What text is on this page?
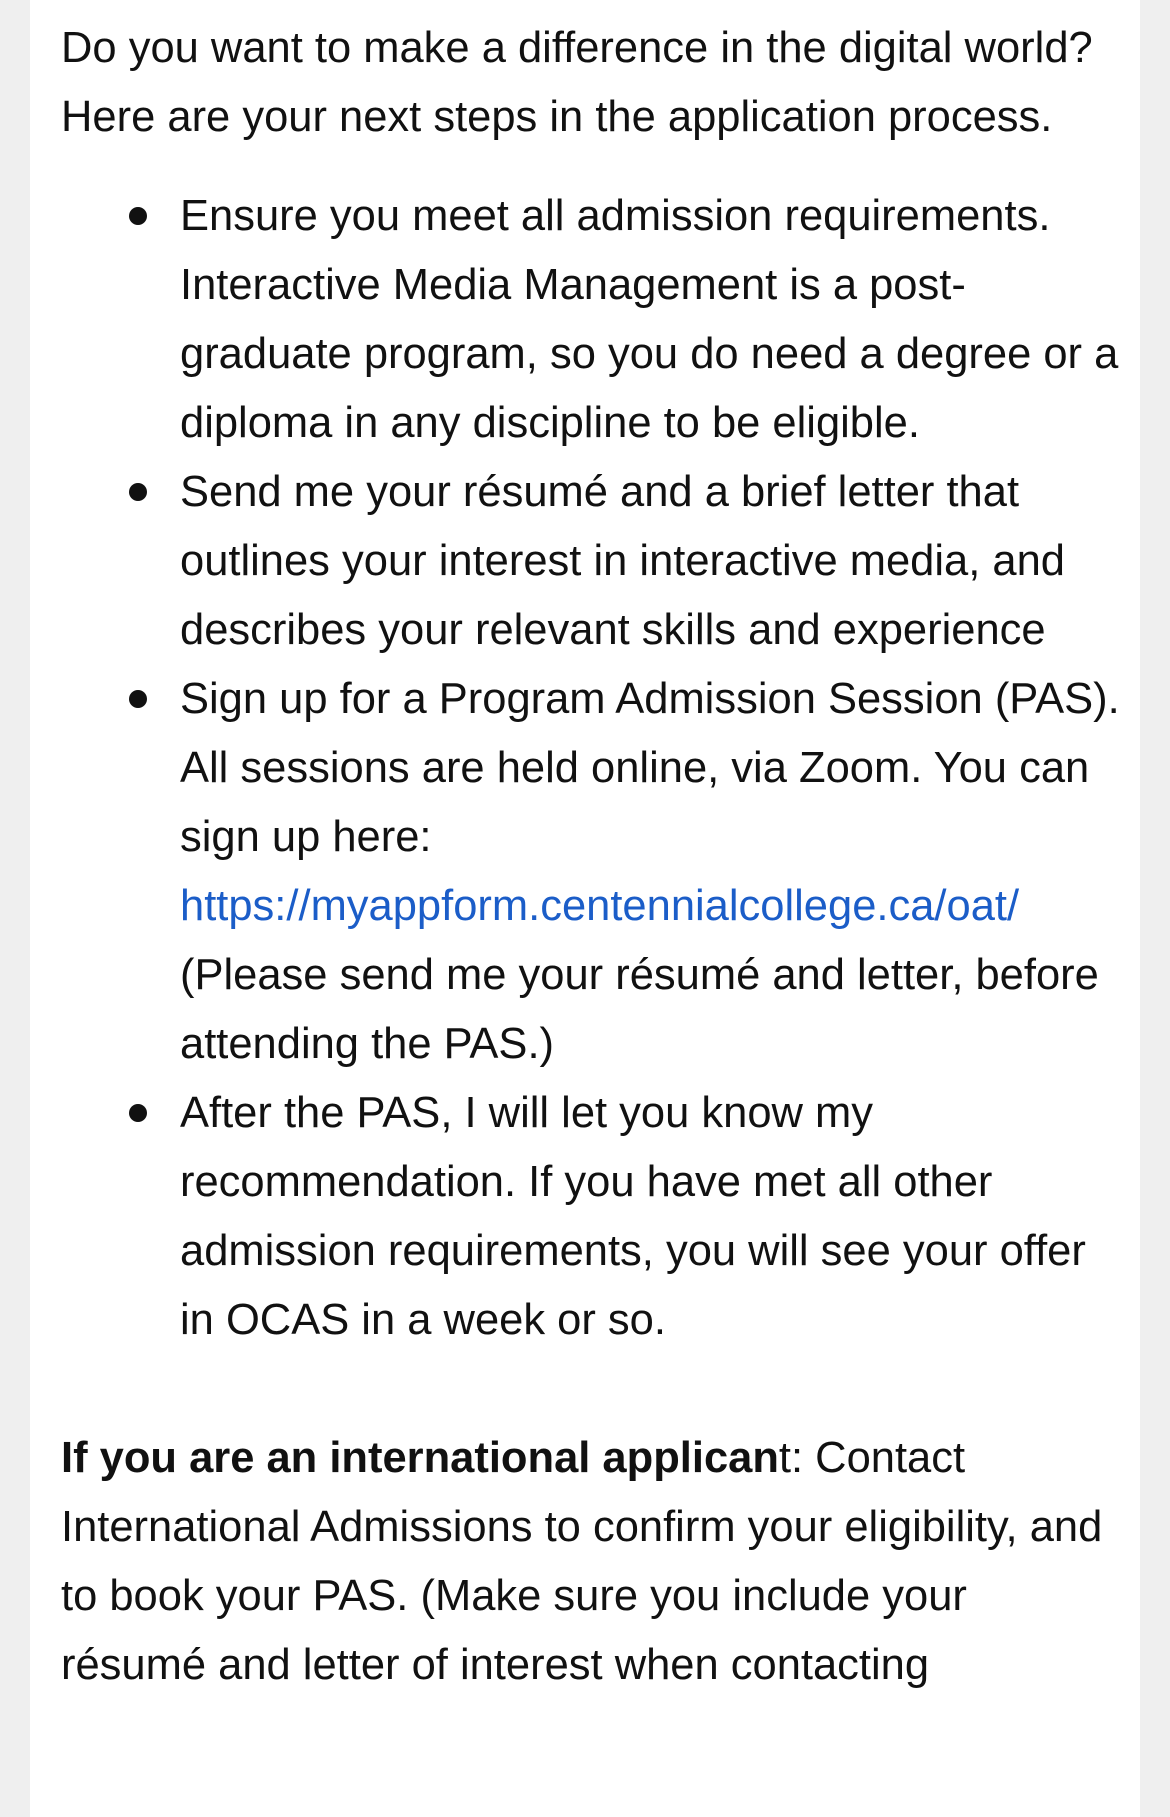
Do you want to make a difference in the digital world? Here are your next steps in the application process.

Ensure you meet all admission requirements. Interactive Media Management is a post-graduate program, so you do need a degree or a diploma in any discipline to be eligible.
Send me your résumé and a brief letter that outlines your interest in interactive media, and describes your relevant skills and experience
Sign up for a Program Admission Session (PAS). All sessions are held online, via Zoom. You can sign up here: https://myappform.centennialcollege.ca/oat/ (Please send me your résumé and letter, before attending the PAS.)
After the PAS, I will let you know my recommendation. If you have met all other admission requirements, you will see your offer in OCAS in a week or so.

If you are an international applicant: Contact International Admissions to confirm your eligibility, and to book your PAS. (Make sure you include your résumé and letter of interest when contacting
